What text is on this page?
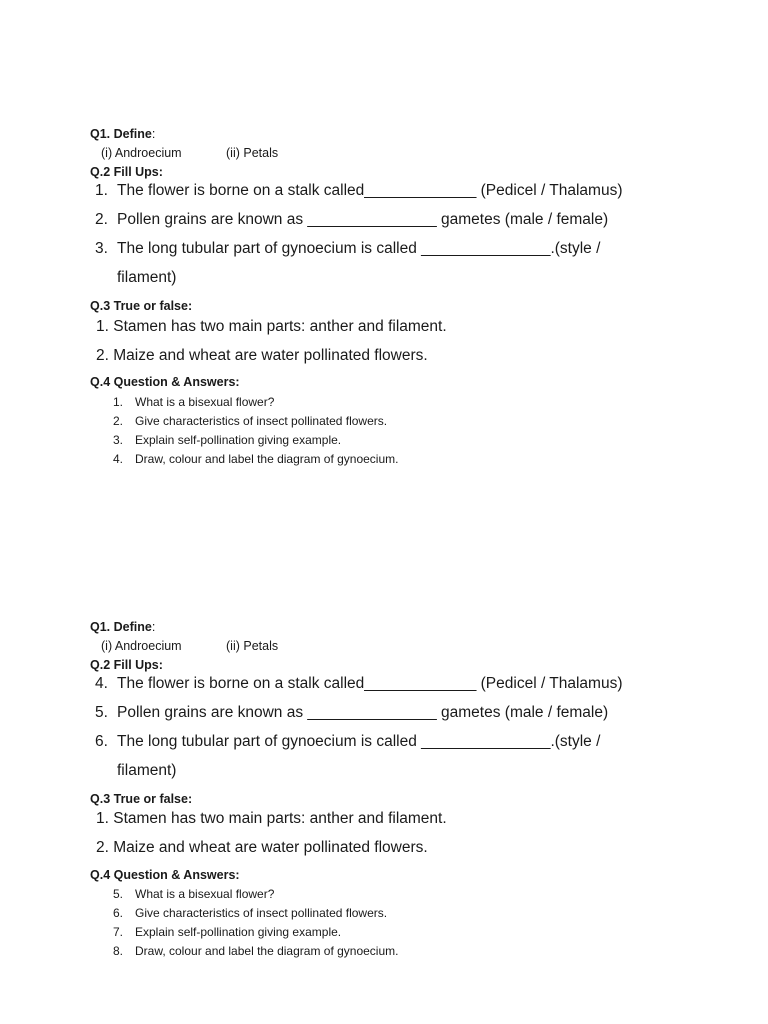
Q1. Define:
(i) Androecium	(ii) Petals
Q.2 Fill Ups:
1. The flower is borne on a stalk called_____________ (Pedicel / Thalamus)
2. Pollen grains are known as _______________ gametes (male / female)
3. The long tubular part of gynoecium is called _______________.(style /
filament)
Q.3 True or false:
1. Stamen has two main parts: anther and filament.
2. Maize and wheat are water pollinated flowers.
Q.4 Question & Answers:
1. What is a bisexual flower?
2. Give characteristics of insect pollinated flowers.
3. Explain self-pollination giving example.
4. Draw, colour and label the diagram of gynoecium.
Q1. Define:
(i) Androecium	(ii) Petals
Q.2 Fill Ups:
4. The flower is borne on a stalk called_____________ (Pedicel / Thalamus)
5. Pollen grains are known as _______________ gametes (male / female)
6. The long tubular part of gynoecium is called _______________.(style /
filament)
Q.3 True or false:
1. Stamen has two main parts: anther and filament.
2. Maize and wheat are water pollinated flowers.
Q.4 Question & Answers:
5. What is a bisexual flower?
6. Give characteristics of insect pollinated flowers.
7. Explain self-pollination giving example.
8. Draw, colour and label the diagram of gynoecium.
